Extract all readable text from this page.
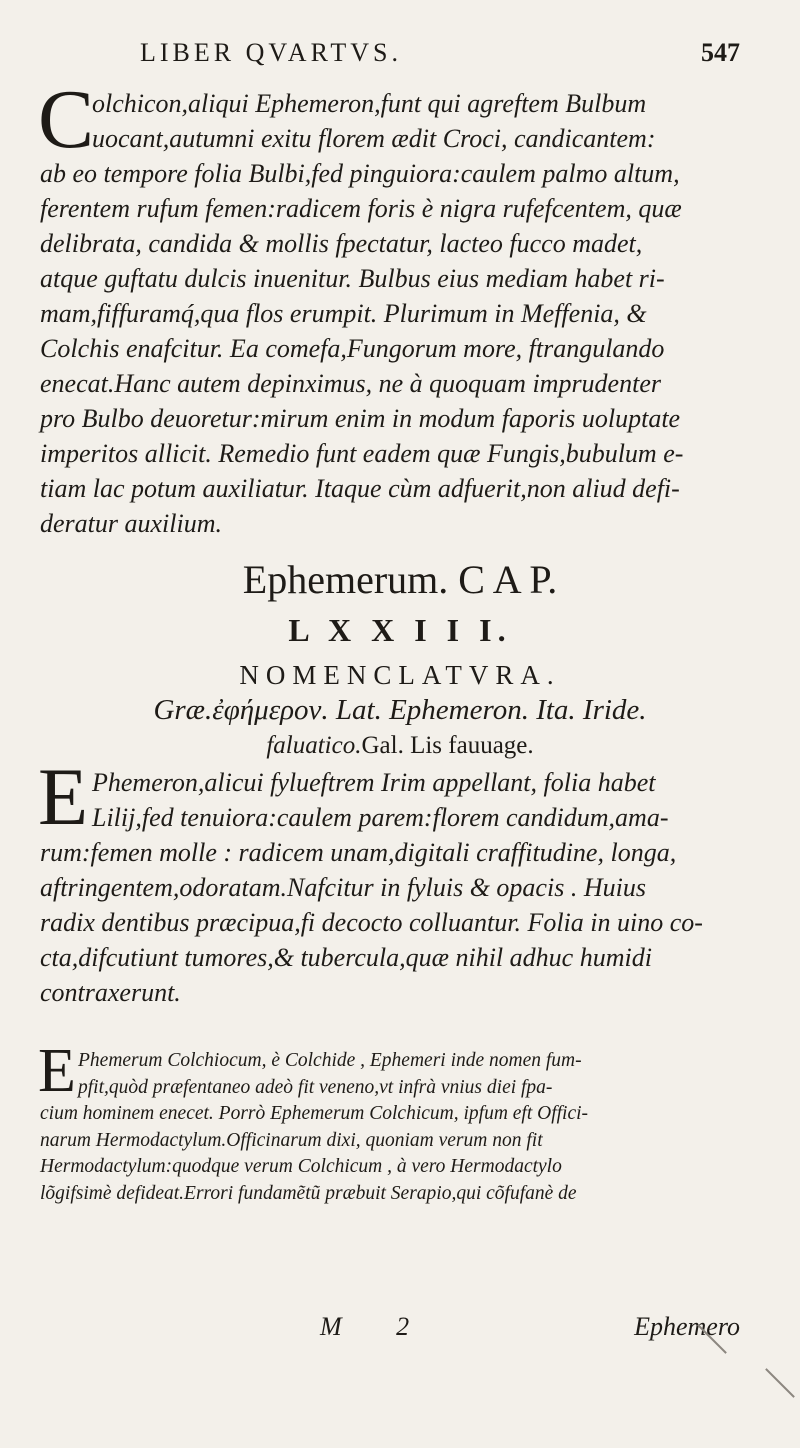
LIBER QVARTVS.	547
C
olchicon,aliqui Ephemeron,funt qui agreftem Bulbum
uocant,autumni exitu florem ædit Croci, candicantem:
ab eo tempore folia Bulbi,fed pinguiora:caulem palmo altum,
ferentem rufum femen:radicem foris è nigra rufefcentem, quæ
delibrata, candida & mollis fpectatur, lacteo fucco madet,
atque guftatu dulcis inuenitur. Bulbus eius mediam habet ri-
mam,fiffuramq́,qua flos erumpit. Plurimum in Meffenia, &
Colchis enafcitur. Ea comefa,Fungorum more, ftrangulando
enecat.Hanc autem depinximus, ne à quoquam imprudenter
pro Bulbo deuoretur:mirum enim in modum faporis uoluptate
imperitos allicit. Remedio funt eadem quæ Fungis,bubulum e-
tiam lac potum auxiliatur. Itaque cùm adfuerit,non aliud defi-
deratur auxilium.
Ephemerum. C A P.
L X X I I I.
NOMENCLATVRA.
Græ.ἐφήμερον. Lat. Ephemeron. Ita. Iride.
faluatico.Gal. Lis fauuage.
E Phemeron,alicui fylueftrem Irim appellant, folia habet
Lilij,fed tenuiora:caulem parem:florem candidum,ama-
rum:femen molle : radicem unam,digitali craffitudine, longa,
aftringentem,odoratam.Nafcitur in fyluis & opacis . Huius
radix dentibus præcipua,fi decocto colluantur. Folia in uino co-
cta,difcutiunt tumores,& tubercula,quæ nihil adhuc humidi
contraxerunt.
E Phemerum Colchiocum, è Colchide , Ephemeri inde nomen fum-
pfit,quòd præfentaneo adeò fit veneno,vt infrà vnius diei fpa-
cium hominem enecet. Porrò Ephemerum Colchicum, ipfum eft Offici-
narum Hermodactylum.Officinarum dixi, quoniam verum non fit
Hermodactylum:quodque verum Colchicum , à vero Hermodactylo
lõgifsimè defideat.Errori fundamẽtũ præbuit Serapio,qui cõfufanè de
M 2	Ephemero
